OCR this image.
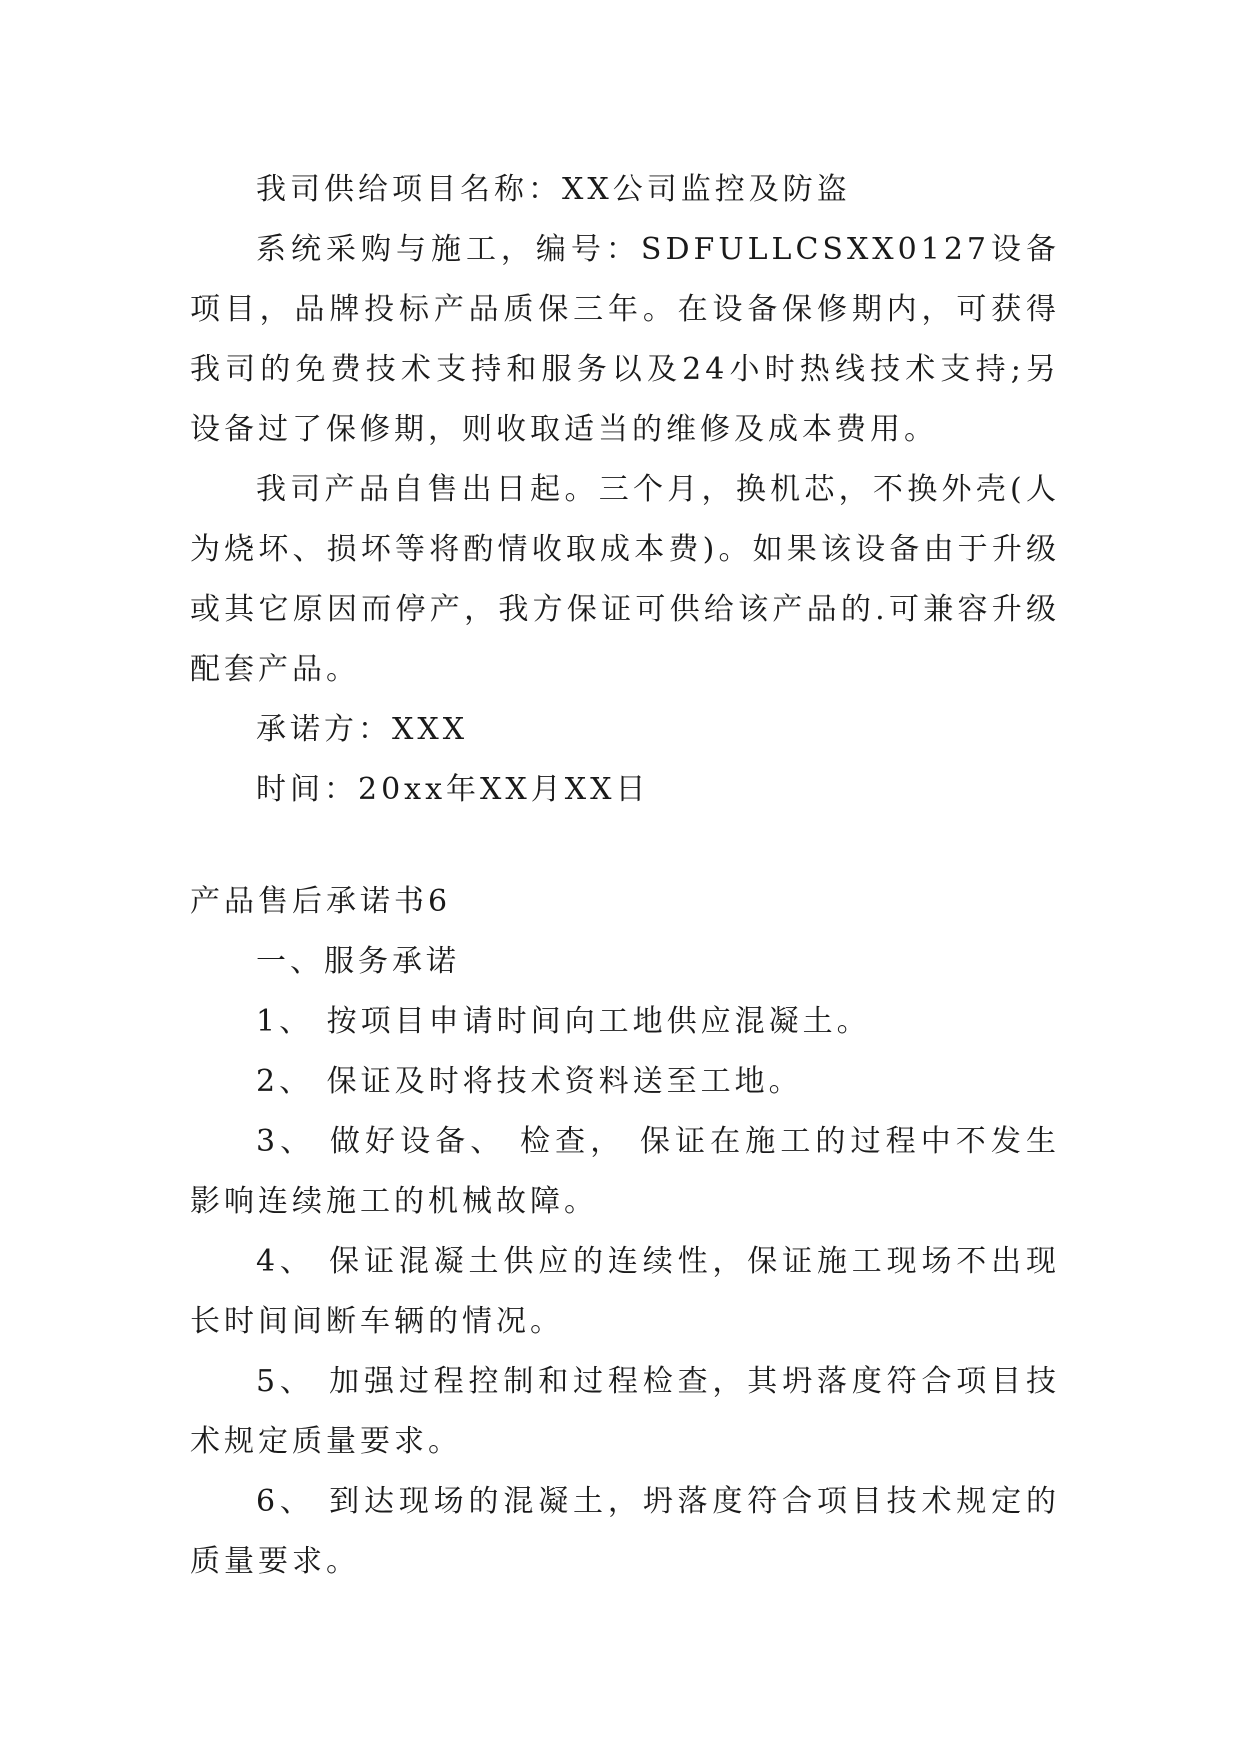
我司供给项目名称：XX公司监控及防盗

系统采购与施工，编号：SDFULLCSXX0127设备项目，品牌投标产品质保三年。在设备保修期内，可获得我司的免费技术支持和服务以及24小时热线技术支持;另设备过了保修期，则收取适当的维修及成本费用。

我司产品自售出日起。三个月，换机芯，不换外壳(人为烧坏、损坏等将酌情收取成本费)。如果该设备由于升级或其它原因而停产，我方保证可供给该产品的.可兼容升级配套产品。

承诺方：XXX

时间：20xx年XX月XX日

产品售后承诺书6

一、服务承诺

1、 按项目申请时间向工地供应混凝土。

2、 保证及时将技术资料送至工地。

3、 做好设备、 检查， 保证在施工的过程中不发生影响连续施工的机械故障。

4、 保证混凝土供应的连续性，保证施工现场不出现长时间间断车辆的情况。

5、 加强过程控制和过程检查，其坍落度符合项目技术规定质量要求。

6、 到达现场的混凝土，坍落度符合项目技术规定的质量要求。
